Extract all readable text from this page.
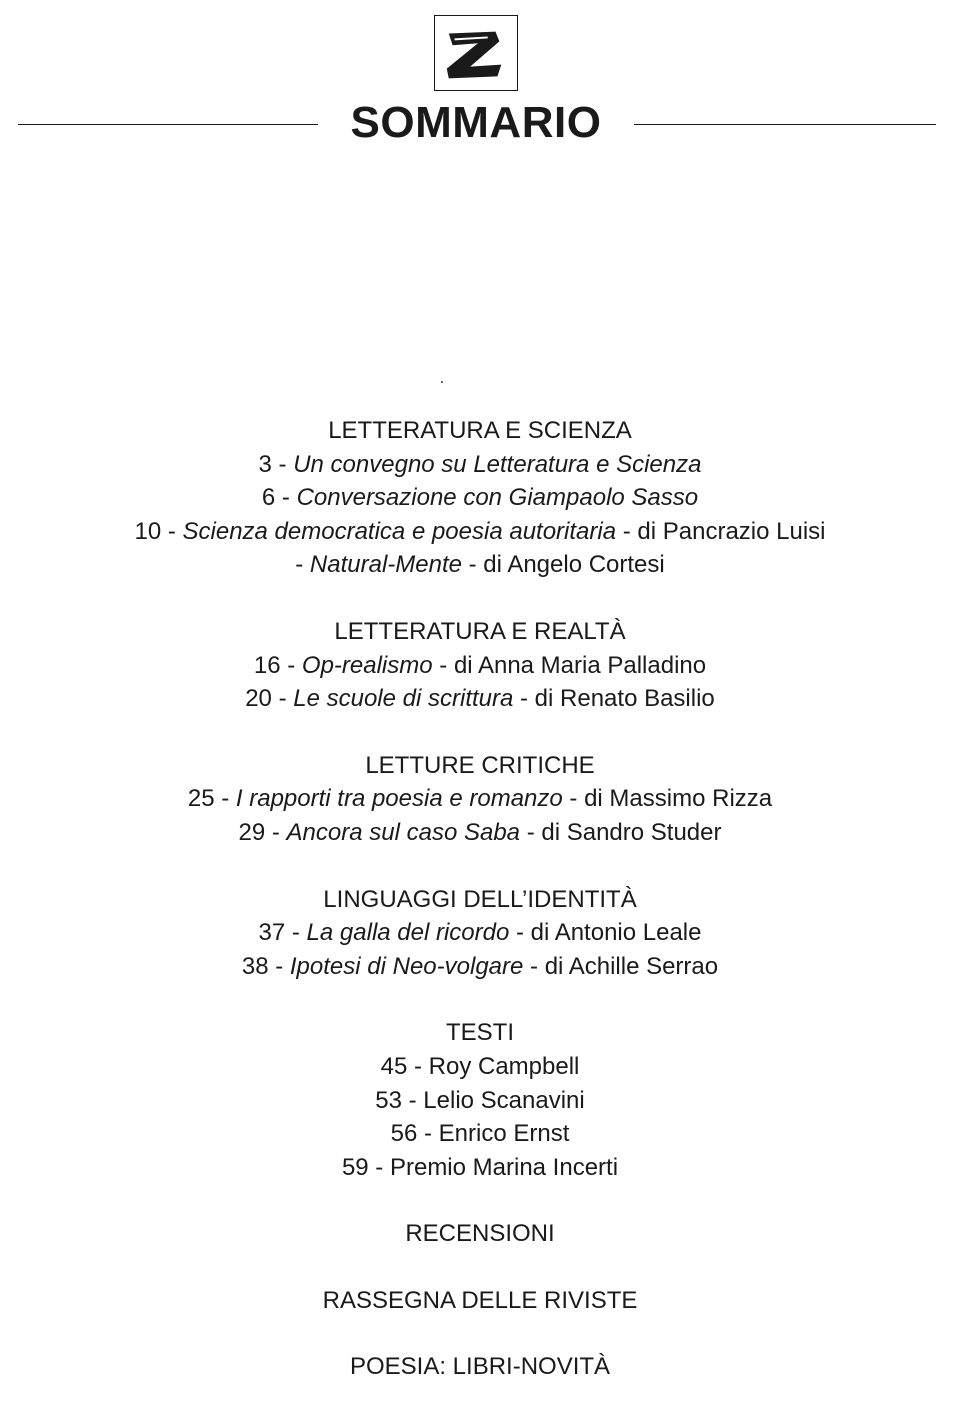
SOMMARIO
LETTERATURA E SCIENZA
3 - Un convegno su Letteratura e Scienza
6 - Conversazione con Giampaolo Sasso
10 - Scienza democratica e poesia autoritaria - di Pancrazio Luisi
- Natural-Mente - di Angelo Cortesi
LETTERATURA E REALTÀ
16 - Op-realismo - di Anna Maria Palladino
20 - Le scuole di scrittura - di Renato Basilio
LETTURE CRITICHE
25 - I rapporti tra poesia e romanzo - di Massimo Rizza
29 - Ancora sul caso Saba - di Sandro Studer
LINGUAGGI DELL’IDENTITÀ
37 - La galla del ricordo - di Antonio Leale
38 - Ipotesi di Neo-volgare - di Achille Serrao
TESTI
45 - Roy Campbell
53 - Lelio Scanavini
56 - Enrico Ernst
59 - Premio Marina Incerti
RECENSIONI
RASSEGNA DELLE RIVISTE
POESIA: LIBRI-NOVITÀ
